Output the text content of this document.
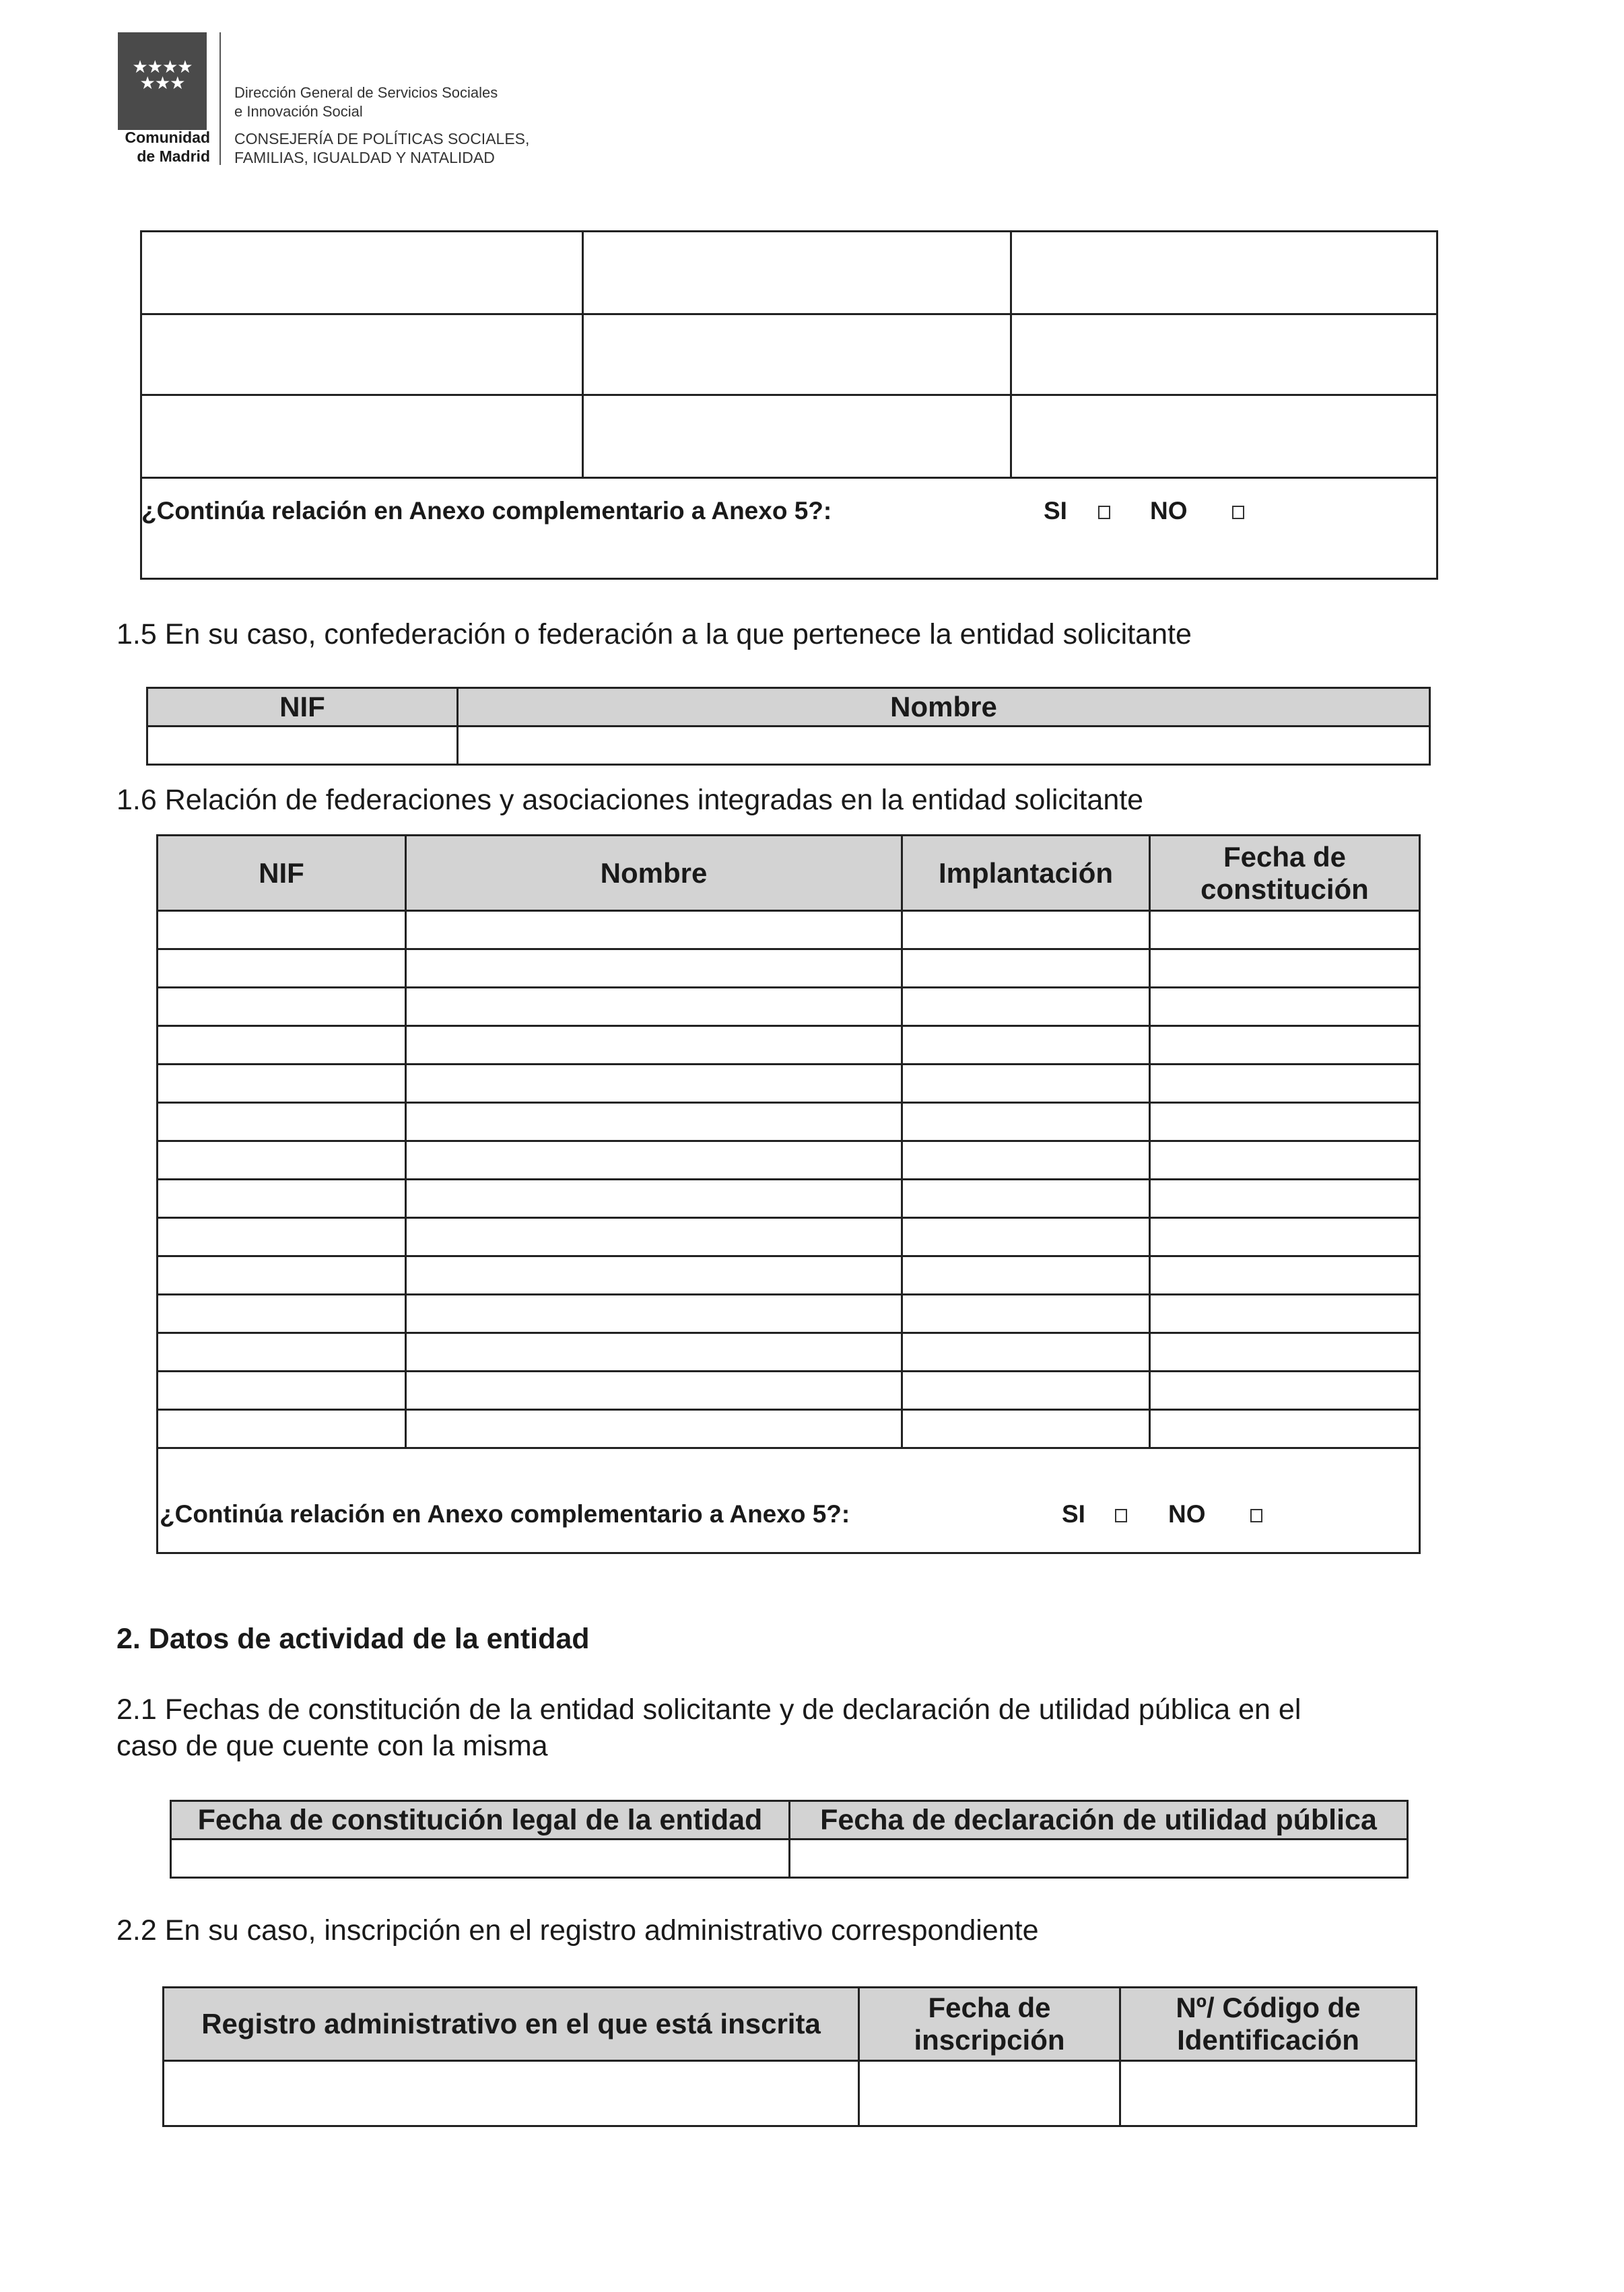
★★★★
★★★
Comunidad
de Madrid
Dirección General de Servicios Sociales
e Innovación Social
CONSEJERÍA DE POLÍTICAS SOCIALES,
FAMILIAS, IGUALDAD Y NATALIDAD

¿Continúa relación en Anexo complementario a Anexo 5?:	SI	NO
1.5 En su caso, confederación o federación a la que pertenece la entidad solicitante
NIF	Nombre

1.6 Relación de federaciones y asociaciones integradas en la entidad solicitante
NIF	Nombre	Implantación	Fecha de constitución

¿Continúa relación en Anexo complementario a Anexo 5?:	SI	NO
2. Datos de actividad de la entidad
2.1 Fechas de constitución de la entidad solicitante y de declaración de utilidad pública en el
caso de que cuente con la misma
Fecha de constitución legal de la entidad	Fecha de declaración de utilidad pública

2.2 En su caso, inscripción en el registro administrativo correspondiente
Registro administrativo en el que está inscrita	Fecha de inscripción	Nº/ Código de Identificación
